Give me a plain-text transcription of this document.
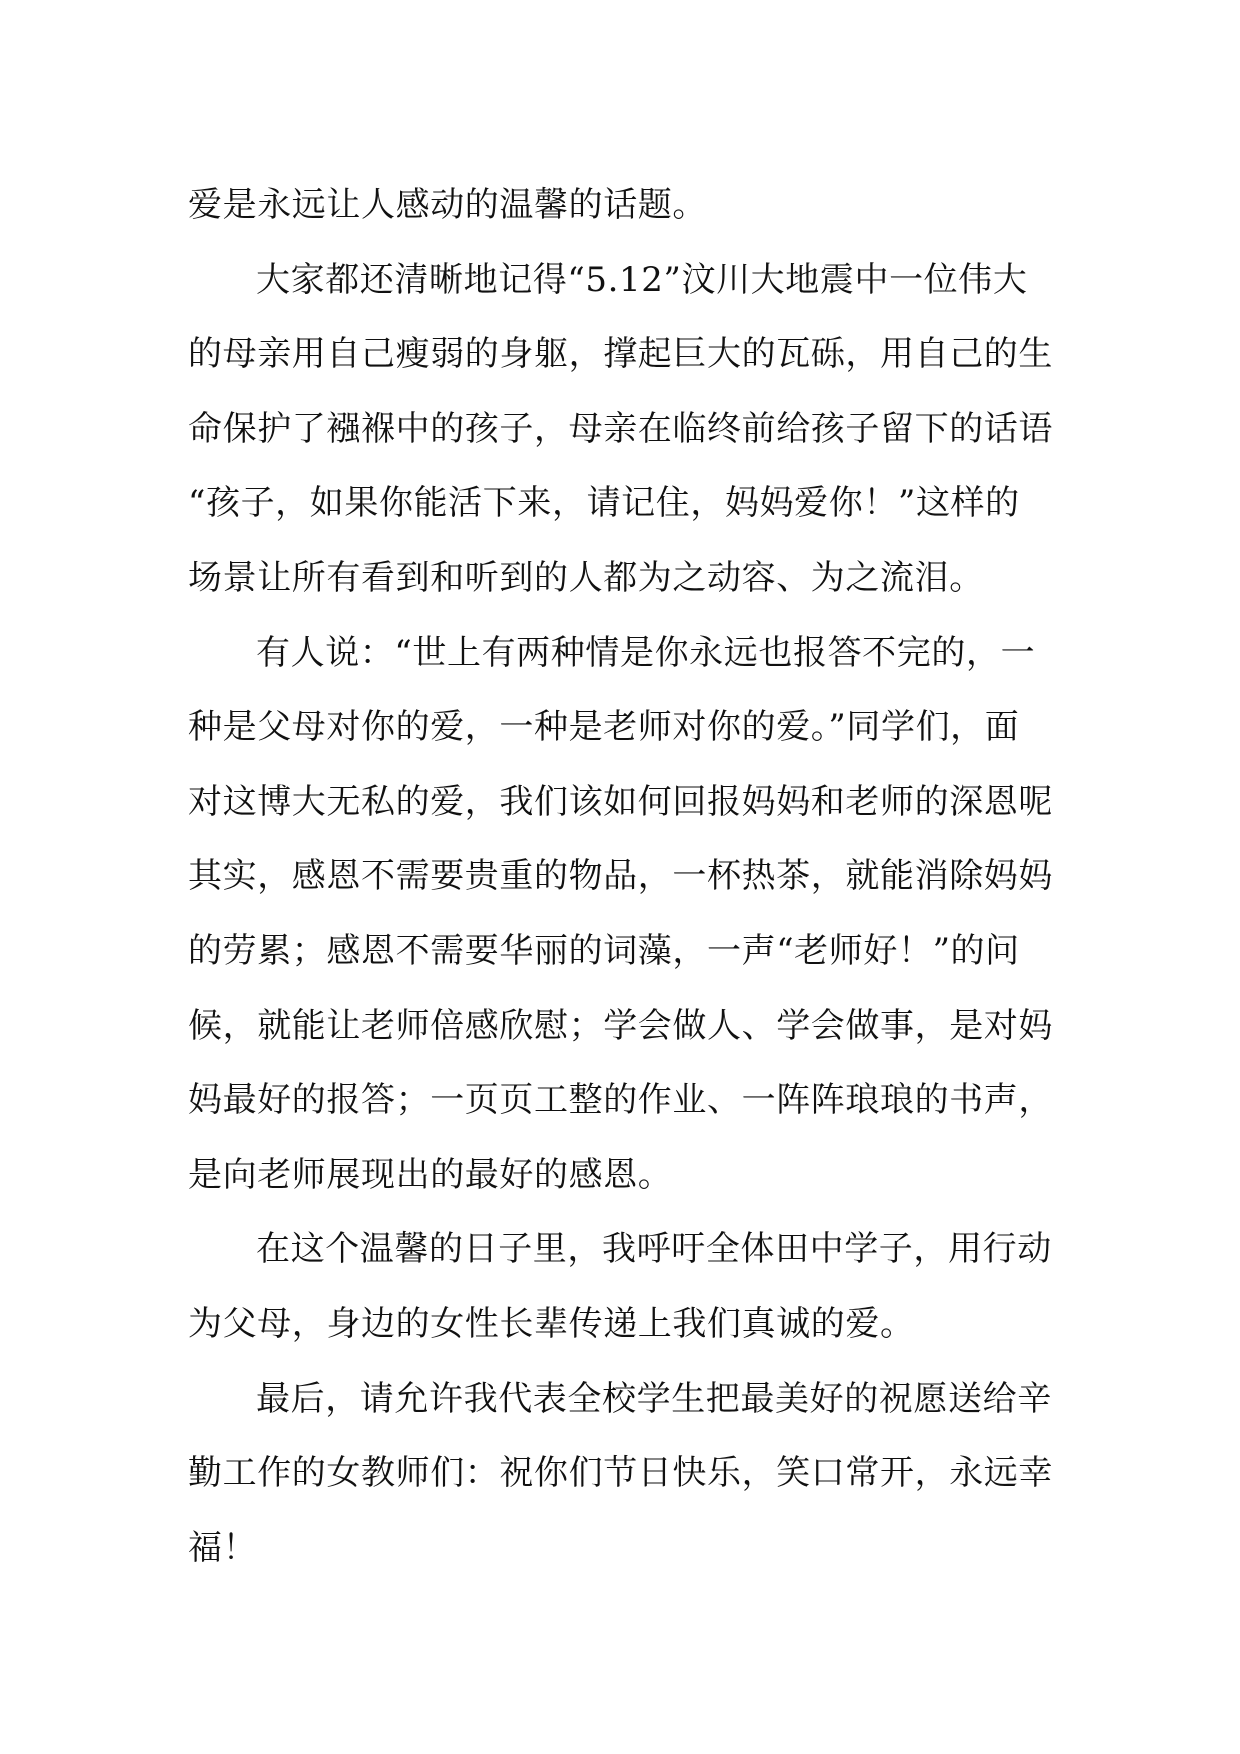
爱是永远让人感动的温馨的话题。
大家都还清晰地记得“5.12”汶川大地震中一位伟大
的母亲用自己瘦弱的身躯，撑起巨大的瓦砾，用自己的生
命保护了襁褓中的孩子，母亲在临终前给孩子留下的话语
“孩子，如果你能活下来，请记住，妈妈爱你！”这样的
场景让所有看到和听到的人都为之动容、为之流泪。
有人说：“世上有两种情是你永远也报答不完的，一
种是父母对你的爱，一种是老师对你的爱。”同学们，面
对这博大无私的爱，我们该如何回报妈妈和老师的深恩呢
其实，感恩不需要贵重的物品，一杯热茶，就能消除妈妈
的劳累；感恩不需要华丽的词藻，一声“老师好！”的问
候，就能让老师倍感欣慰；学会做人、学会做事，是对妈
妈最好的报答；一页页工整的作业、一阵阵琅琅的书声，
是向老师展现出的最好的感恩。
在这个温馨的日子里，我呼吁全体田中学子，用行动
为父母，身边的女性长辈传递上我们真诚的爱。
最后，请允许我代表全校学生把最美好的祝愿送给辛
勤工作的女教师们：祝你们节日快乐，笑口常开，永远幸
福！
